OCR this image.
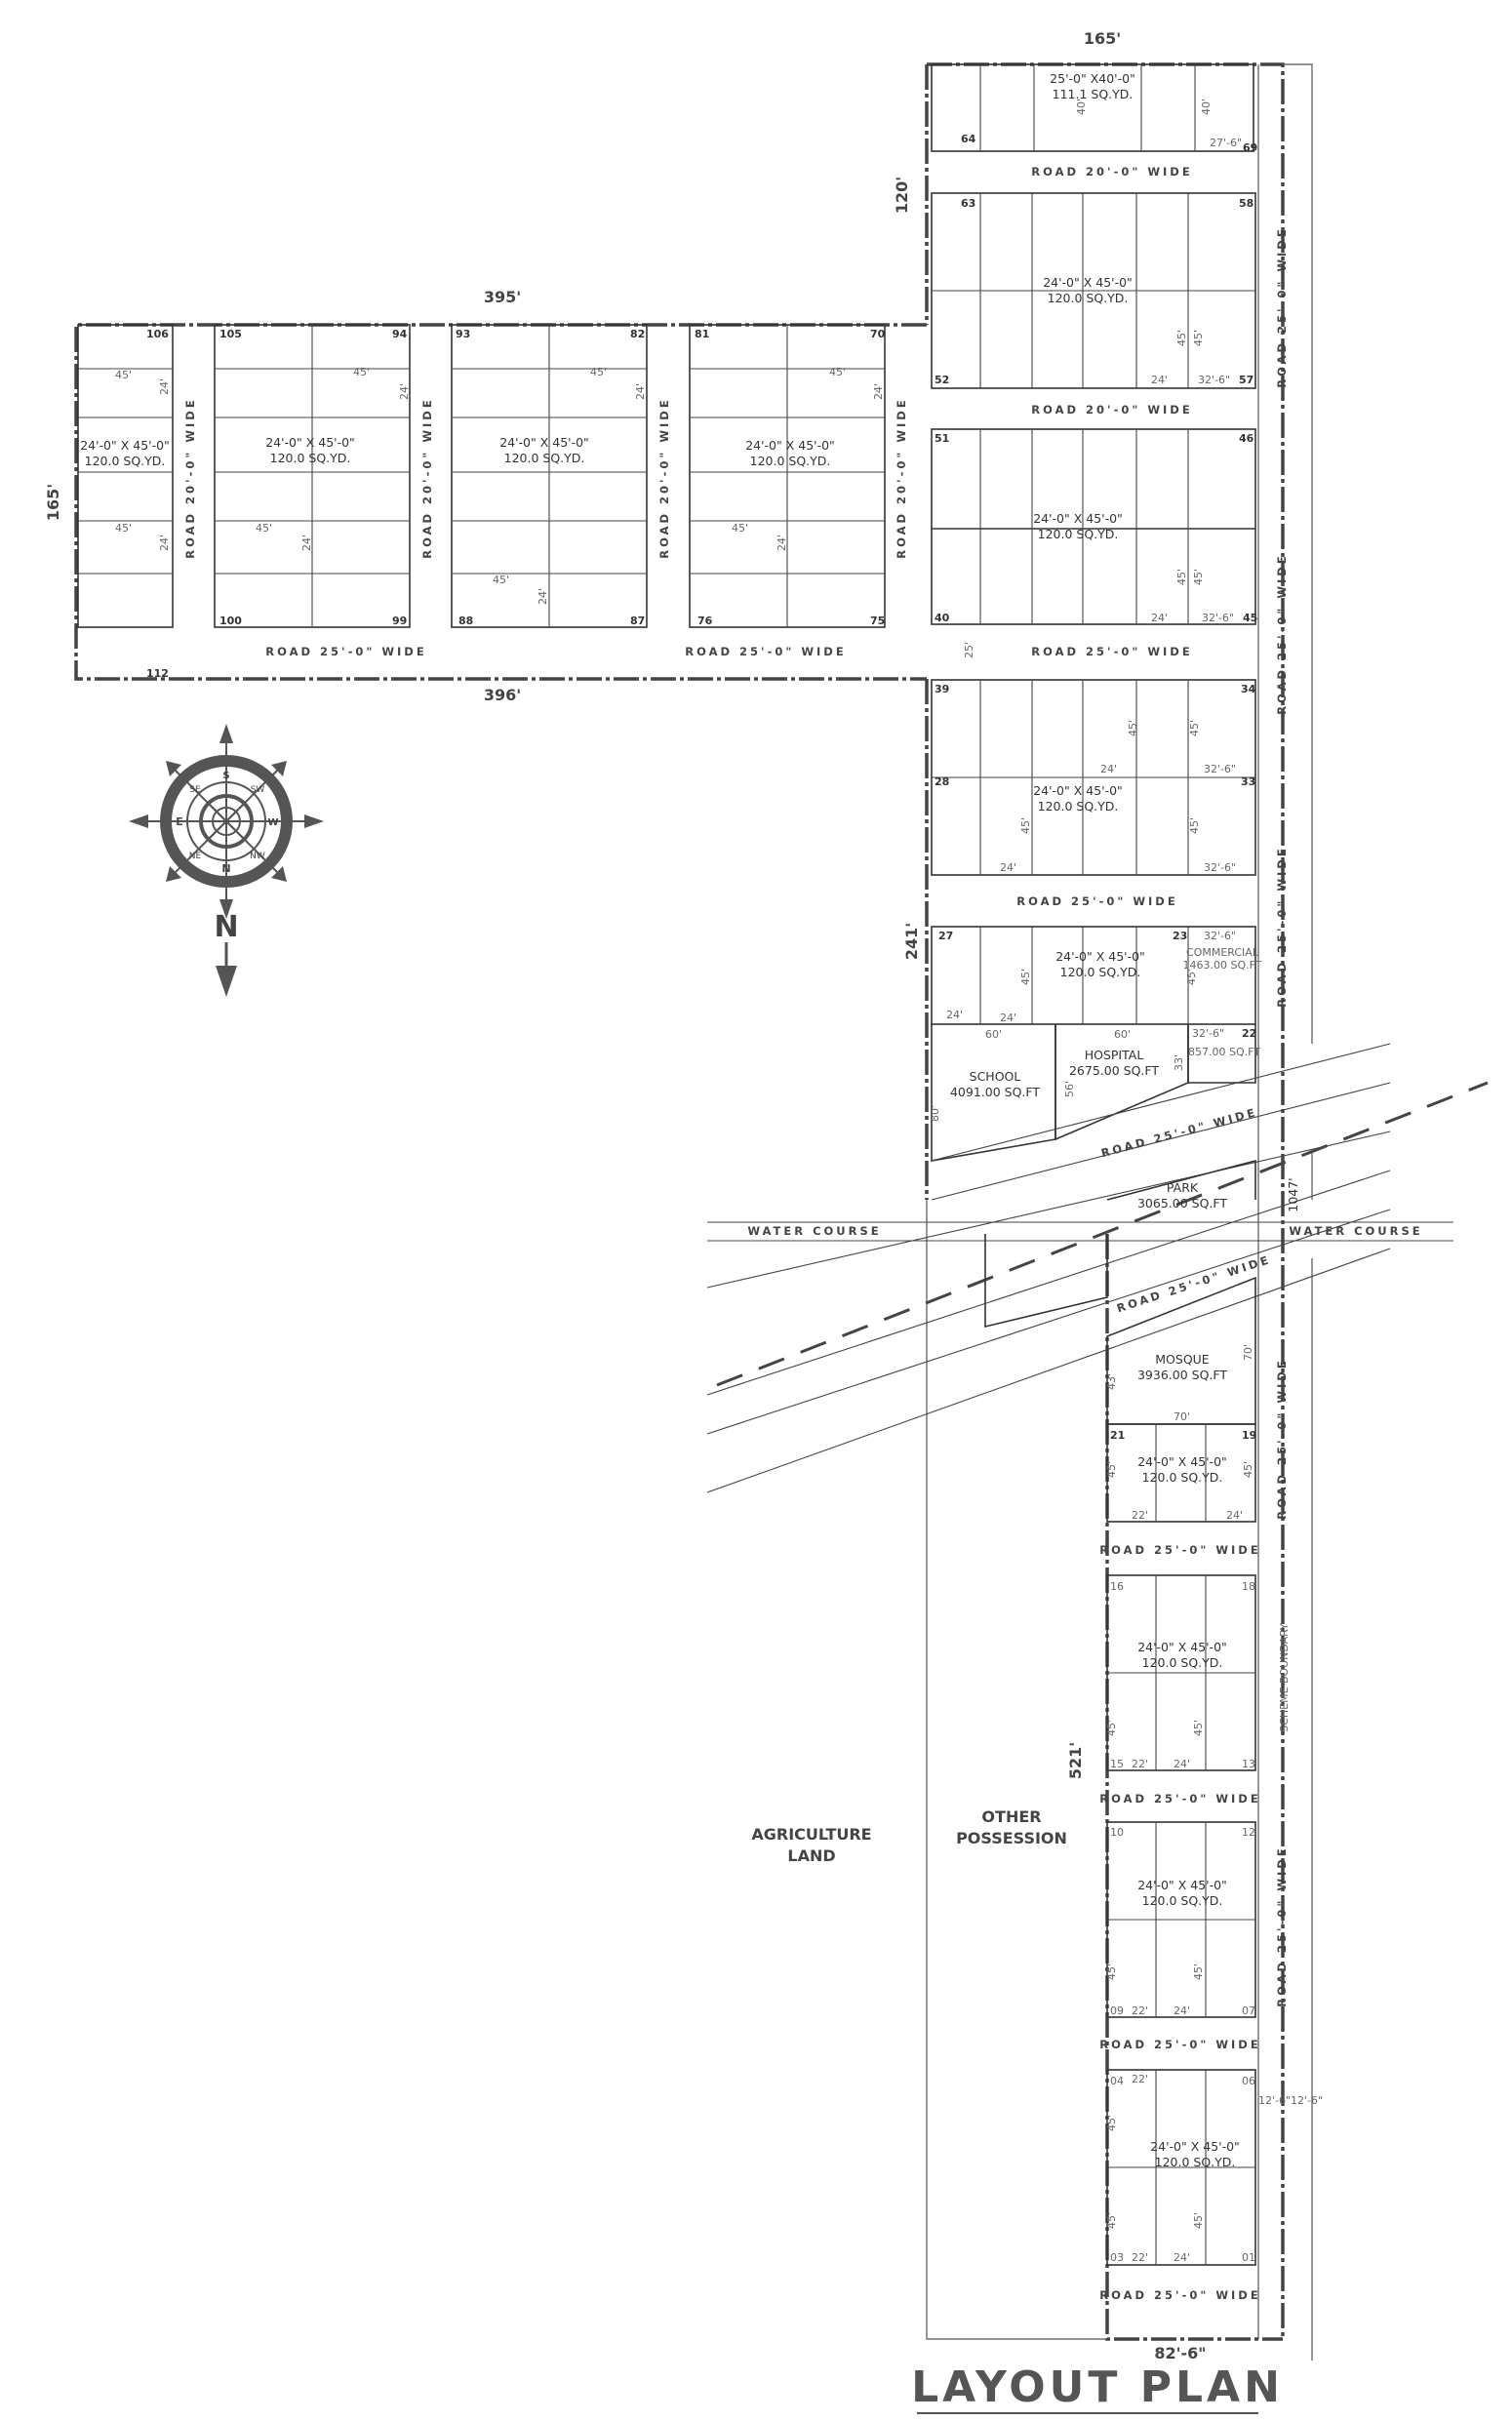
165'
395'
396'
165'
120'
241'
521'
1047'
82'-6"
ROAD 20'-0" WIDE
ROAD 20'-0" WIDE
ROAD 25'-0" WIDE
ROAD 25'-0" WIDE
ROAD 25'-0" WIDE
ROAD 25'-0" WIDE
ROAD 25'-0" WIDE
ROAD 25'-0" WIDE
ROAD 25'-0" WIDE	ROAD 25'-0" WIDE
ROAD 25'-0" WIDE
ROAD 25'-0" WIDE
ROAD 20'-0" WIDE	ROAD 20'-0" WIDE	ROAD 20'-0" WIDE	ROAD 20'-0" WIDE
ROAD 25'-0" WIDE
ROAD 25'-0" WIDE
ROAD 25'-0" WIDE
ROAD 25'-0" WIDE
ROAD 25'-0" WIDE
SCHEME BOUNDARY
WATER COURSE	WATER COURSE
25'-0" X40'-0"
111.1 SQ.YD.
24'-0" X 45'-0"
120.0 SQ.YD.
24'-0" X 45'-0"
120.0 SQ.YD.
24'-0" X 45'-0"
120.0 SQ.YD.
24'-0" X 45'-0"
120.0 SQ.YD.
24'-0" X 45'-0"
120.0 SQ.YD.
24'-0" X 45'-0"
120.0 SQ.YD.
24'-0" X 45'-0"
120.0 SQ.YD.
24'-0" X 45'-0"
120.0 SQ.YD.
24'-0" X 45'-0"
120.0 SQ.YD.
24'-0" X 45'-0"
120.0 SQ.YD.
24'-0" X 45'-0"
120.0 SQ.YD.
24'-0" X 45'-0"
120.0 SQ.YD.
COMMERCIAL
1463.00 SQ.FT
857.00 SQ.FT
SCHOOL
4091.00 SQ.FT
HOSPITAL
2675.00 SQ.FT
PARK
3065.00 SQ.FT
MOSQUE
3936.00 SQ.FT
AGRICULTURE
LAND
OTHER
POSSESSION
64
69
63	58
52	57
51	46
40	45
39	34
28	33
27	23
22
21	19
16	18
15	13
10	12
09	07
04	06
03	01
106
112
105	94
100	99
93	82
88	87
81	70
76	75
40'	40'
27'-6"
45' 45'
24'	32'-6"
45' 45'
24'	32'-6"
25'
45'	45'
24'	32'-6"
45'	45'
24'	32'-6"
32'-6"
45'	45'
24'	24'
60'	60'	32'-6"
33'
56'
80'
70'
70'
43'
45'	45'
22'	24'
45'	45'
22' 24'
45'	45'
22' 24'
22'
45'
45'	45'
22' 24'
12'-6"12'-6"
45'
24'
45'
24'
45'
24'
45'
24'
45'
24'
45'
24'
45'
24'
45'
24'
N
S
E	W
SE	SW
NE	NW
N
LAYOUT PLAN
